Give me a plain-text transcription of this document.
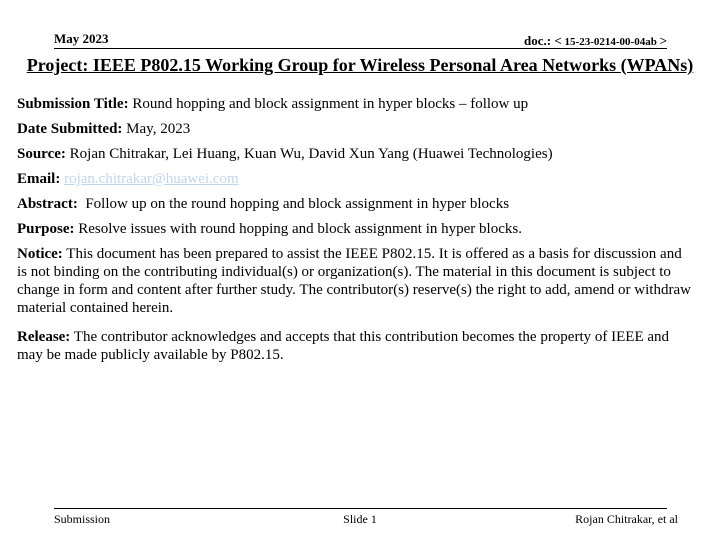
May 2023	doc.: < 15-23-0214-00-04ab >
Project: IEEE P802.15 Working Group for Wireless Personal Area Networks (WPANs)
Submission Title: Round hopping and block assignment in hyper blocks – follow up
Date Submitted: May, 2023
Source: Rojan Chitrakar, Lei Huang, Kuan Wu, David Xun Yang (Huawei Technologies)
Email: rojan.chitrakar@huawei.com
Abstract:  Follow up on the round hopping and block assignment in hyper blocks
Purpose: Resolve issues with round hopping and block assignment in hyper blocks.
Notice: This document has been prepared to assist the IEEE P802.15. It is offered as a basis for discussion and is not binding on the contributing individual(s) or organization(s). The material in this document is subject to change in form and content after further study. The contributor(s) reserve(s) the right to add, amend or withdraw material contained herein.
Release: The contributor acknowledges and accepts that this contribution becomes the property of IEEE and may be made publicly available by P802.15.
Submission	Slide 1	Rojan Chitrakar, et al
